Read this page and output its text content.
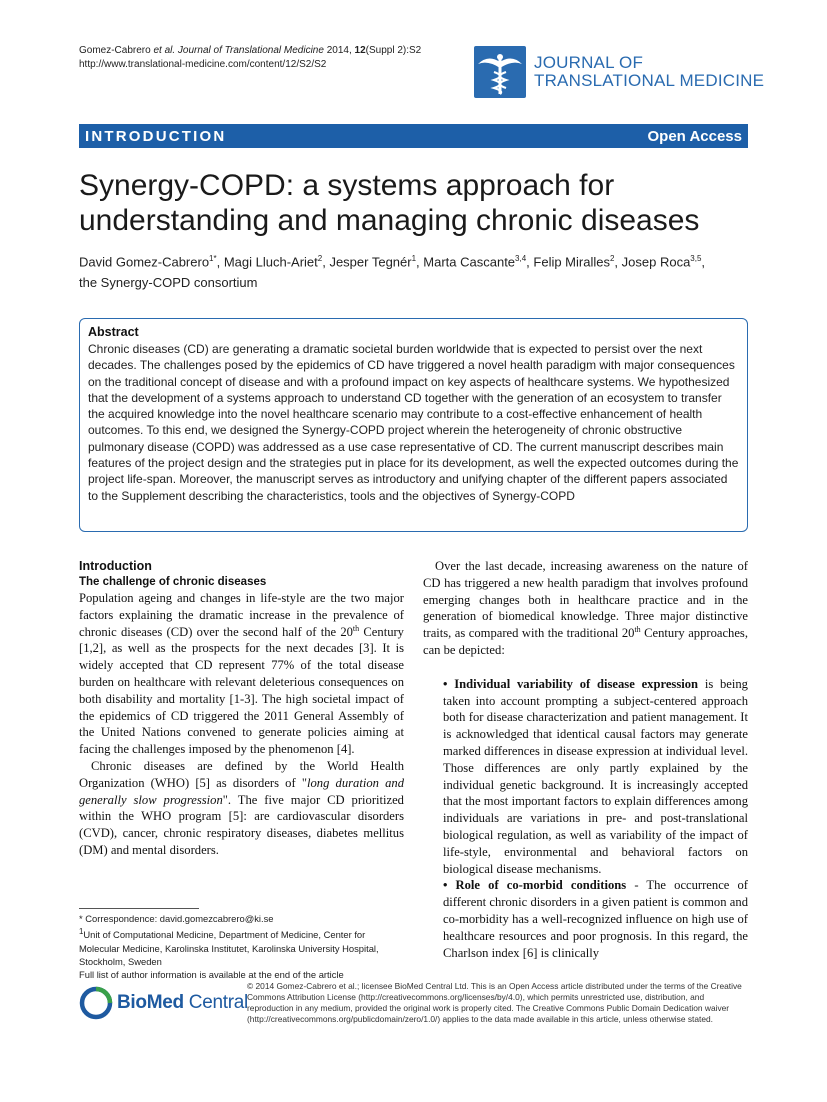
Gomez-Cabrero et al. Journal of Translational Medicine 2014, 12(Suppl 2):S2
http://www.translational-medicine.com/content/12/S2/S2	JOURNAL OF
TRANSLATIONAL MEDICINE
INTRODUCTION	Open Access
Synergy-COPD: a systems approach for
understanding and managing chronic diseases
David Gomez-Cabrero$^{1*}$, Magi Lluch-Ariet$^2$, Jesper Tegnér$^1$, Marta Cascante$^{3,4}$, Felip Miralles$^2$, Josep Roca$^{3,5}$,
the Synergy-COPD consortium
Abstract
Chronic diseases (CD) are generating a dramatic societal burden worldwide that is expected to persist over the next decades. The challenges posed by the epidemics of CD have triggered a novel health paradigm with major consequences on the traditional concept of disease and with a profound impact on key aspects of healthcare systems. We hypothesized that the development of a systems approach to understand CD together with the generation of an ecosystem to transfer the acquired knowledge into the novel healthcare scenario may contribute to a cost-effective enhancement of health outcomes. To this end, we designed the Synergy-COPD project wherein the heterogeneity of chronic obstructive pulmonary disease (COPD) was addressed as a use case representative of CD. The current manuscript describes main features of the project design and the strategies put in place for its development, as well the expected outcomes during the project life-span. Moreover, the manuscript serves as introductory and unifying chapter of the different papers associated to the Supplement describing the characteristics, tools and the objectives of Synergy-COPD
Introduction
The challenge of chronic diseases

Population ageing and changes in life-style are the two major factors explaining the dramatic increase in the prevalence of chronic diseases (CD) over the second half of the 20th Century [1,2], as well as the prospects for the next decades [3]. It is widely accepted that CD represent 77% of the total disease burden on healthcare with relevant deleterious consequences on both disability and mortality [1-3]. The high societal impact of the epidemics of CD triggered the 2011 General Assembly of the United Nations convened to generate policies aiming at facing the challenges imposed by the phenomenon [4].

Chronic diseases are defined by the World Health Organization (WHO) [5] as disorders of "long duration and generally slow progression". The five major CD prioritized within the WHO program [5]: are cardiovascular disorders (CVD), cancer, chronic respiratory diseases, diabetes mellitus (DM) and mental disorders.

Over the last decade, increasing awareness on the nature of CD has triggered a new health paradigm that involves profound emerging changes both in healthcare practice and in the generation of biomedical knowledge. Three major distinctive traits, as compared with the traditional 20th Century approaches, can be depicted:

• Individual variability of disease expression is being taken into account prompting a subject-centered approach both for disease characterization and patient management. It is acknowledged that identical causal factors may generate marked differences in disease expression at individual level. Those differences are only partly explained by the individual genetic background. It is increasingly accepted that the most important factors to explain differences among individuals are variations in pre- and post-translational biological regulation, as well as variability of the impact of life-style, environmental and behavioral factors on biological disease mechanisms.

• Role of co-morbid conditions - The occurrence of different chronic disorders in a given patient is common and co-morbidity has a well-recognized influence on high use of healthcare resources and poor prognosis. In this regard, the Charlson index [6] is clinically

* Correspondence: david.gomezcabrero@ki.se

$^1$Unit of Computational Medicine, Department of Medicine, Center for Molecular Medicine, Karolinska Institutet, Karolinska University Hospital, Stockholm, Sweden

Full list of author information is available at the end of the article

BioMed Central
© 2014 Gomez-Cabrero et al.; licensee BioMed Central Ltd. This is an Open Access article distributed under the terms of the Creative Commons Attribution License (http://creativecommons.org/licenses/by/4.0), which permits unrestricted use, distribution, and reproduction in any medium, provided the original work is properly cited. The Creative Commons Public Domain Dedication waiver (http://creativecommons.org/publicdomain/zero/1.0/) applies to the data made available in this article, unless otherwise stated.
